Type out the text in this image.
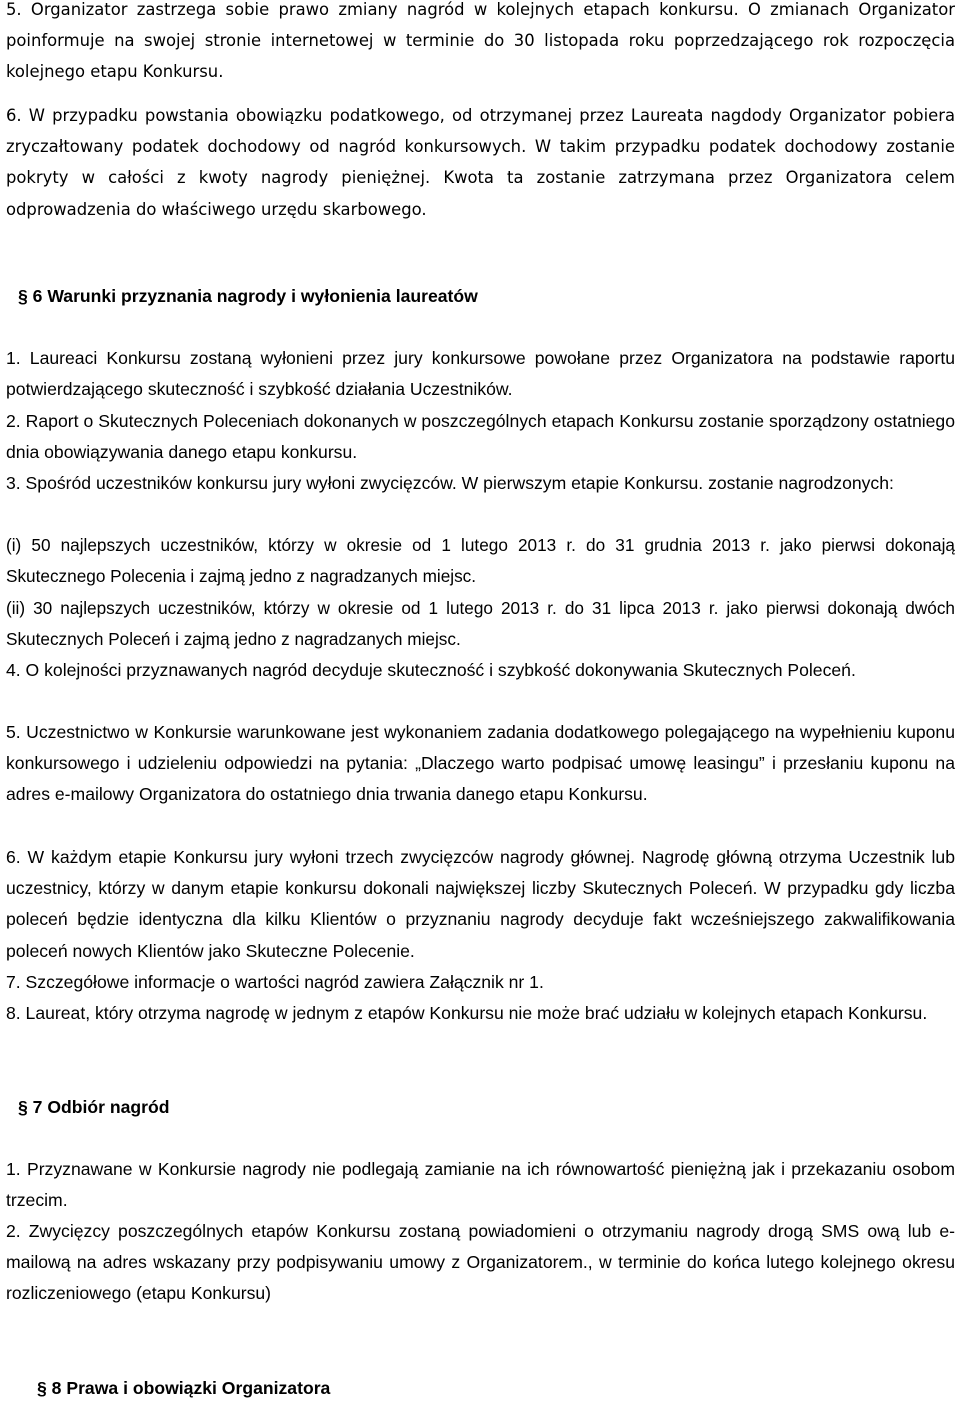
5. Organizator zastrzega sobie prawo zmiany nagród w kolejnych etapach konkursu. O zmianach Organizator poinformuje na swojej stronie internetowej w terminie do 30 listopada roku poprzedzającego rok rozpoczęcia kolejnego etapu Konkursu.

6. W przypadku powstania obowiązku podatkowego, od otrzymanej przez Laureata nagdody Organizator pobiera zryczałtowany podatek dochodowy od nagród konkursowych. W takim przypadku podatek dochodowy zostanie pokryty w całości z kwoty nagrody pieniężnej. Kwota ta zostanie zatrzymana przez Organizatora celem odprowadzenia do właściwego urzędu skarbowego.

§ 6 Warunki przyznania nagrody i wyłonienia laureatów

1. Laureaci Konkursu zostaną wyłonieni przez jury konkursowe powołane przez Organizatora na podstawie raportu potwierdzającego skuteczność i szybkość działania Uczestników.

2. Raport o Skutecznych Poleceniach dokonanych w poszczególnych etapach Konkursu zostanie sporządzony ostatniego dnia obowiązywania danego etapu konkursu.

3. Spośród uczestników konkursu jury wyłoni zwycięzców. W pierwszym etapie Konkursu. zostanie nagrodzonych:

(i) 50 najlepszych uczestników, którzy w okresie od 1 lutego 2013 r. do 31 grudnia 2013 r. jako pierwsi dokonają Skutecznego Polecenia i zajmą jedno z nagradzanych miejsc.

(ii) 30 najlepszych uczestników, którzy w okresie od 1 lutego 2013 r. do 31 lipca 2013 r. jako pierwsi dokonają dwóch Skutecznych Poleceń i zajmą jedno z nagradzanych miejsc.

4. O kolejności przyznawanych nagród decyduje skuteczność i szybkość dokonywania Skutecznych Poleceń.

5. Uczestnictwo w Konkursie warunkowane jest wykonaniem zadania dodatkowego polegającego na wypełnieniu kuponu konkursowego i udzieleniu odpowiedzi na pytania: „Dlaczego warto podpisać umowę leasingu” i przesłaniu kuponu na adres e-mailowy Organizatora do ostatniego dnia trwania danego etapu Konkursu.

6. W każdym etapie Konkursu jury wyłoni trzech zwycięzców nagrody głównej. Nagrodę główną otrzyma Uczestnik lub uczestnicy, którzy w danym etapie konkursu dokonali największej liczby Skutecznych Poleceń. W przypadku gdy liczba poleceń będzie identyczna dla kilku Klientów o przyznaniu nagrody decyduje fakt wcześniejszego zakwalifikowania poleceń nowych Klientów jako Skuteczne Polecenie.

7. Szczegółowe informacje o wartości nagród zawiera Załącznik nr 1.

8. Laureat, który otrzyma nagrodę w jednym z etapów Konkursu nie może brać udziału w kolejnych etapach Konkursu.

§ 7 Odbiór nagród

1. Przyznawane w Konkursie nagrody nie podlegają zamianie na ich równowartość pieniężną jak i przekazaniu osobom trzecim.

2. Zwycięzcy poszczególnych etapów Konkursu zostaną powiadomieni o otrzymaniu nagrody drogą SMS ową lub e-mailową na adres wskazany przy podpisywaniu umowy z Organizatorem., w terminie do końca lutego kolejnego okresu rozliczeniowego (etapu Konkursu)

§ 8 Prawa i obowiązki Organizatora
